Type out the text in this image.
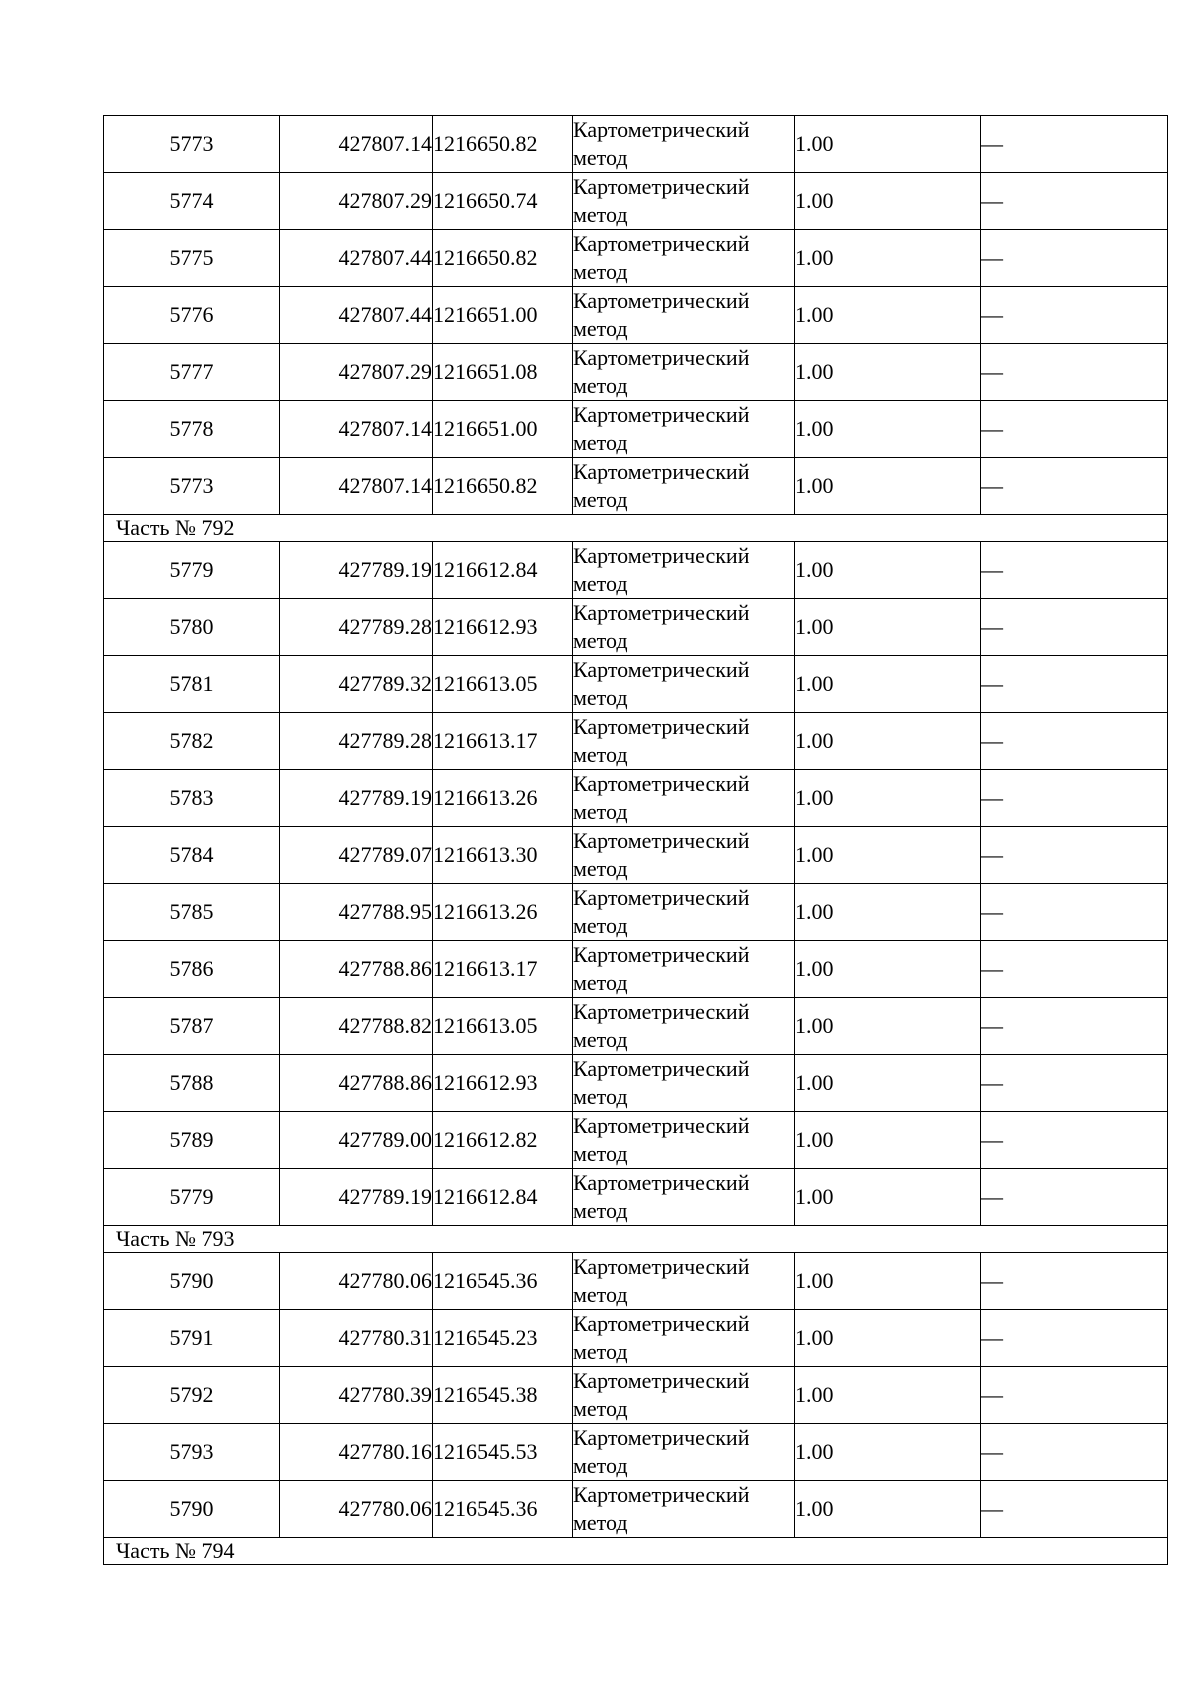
5773	427807.14	1216650.82	Картометрический
метод	1.00	—
5774	427807.29	1216650.74	Картометрический
метод	1.00	—
5775	427807.44	1216650.82	Картометрический
метод	1.00	—
5776	427807.44	1216651.00	Картометрический
метод	1.00	—
5777	427807.29	1216651.08	Картометрический
метод	1.00	—
5778	427807.14	1216651.00	Картометрический
метод	1.00	—
5773	427807.14	1216650.82	Картометрический
метод	1.00	—
Часть № 792					
5779	427789.19	1216612.84	Картометрический
метод	1.00	—
5780	427789.28	1216612.93	Картометрический
метод	1.00	—
5781	427789.32	1216613.05	Картометрический
метод	1.00	—
5782	427789.28	1216613.17	Картометрический
метод	1.00	—
5783	427789.19	1216613.26	Картометрический
метод	1.00	—
5784	427789.07	1216613.30	Картометрический
метод	1.00	—
5785	427788.95	1216613.26	Картометрический
метод	1.00	—
5786	427788.86	1216613.17	Картометрический
метод	1.00	—
5787	427788.82	1216613.05	Картометрический
метод	1.00	—
5788	427788.86	1216612.93	Картометрический
метод	1.00	—
5789	427789.00	1216612.82	Картометрический
метод	1.00	—
5779	427789.19	1216612.84	Картометрический
метод	1.00	—
Часть № 793					
5790	427780.06	1216545.36	Картометрический
метод	1.00	—
5791	427780.31	1216545.23	Картометрический
метод	1.00	—
5792	427780.39	1216545.38	Картометрический
метод	1.00	—
5793	427780.16	1216545.53	Картометрический
метод	1.00	—
5790	427780.06	1216545.36	Картометрический
метод	1.00	—
Часть № 794					
